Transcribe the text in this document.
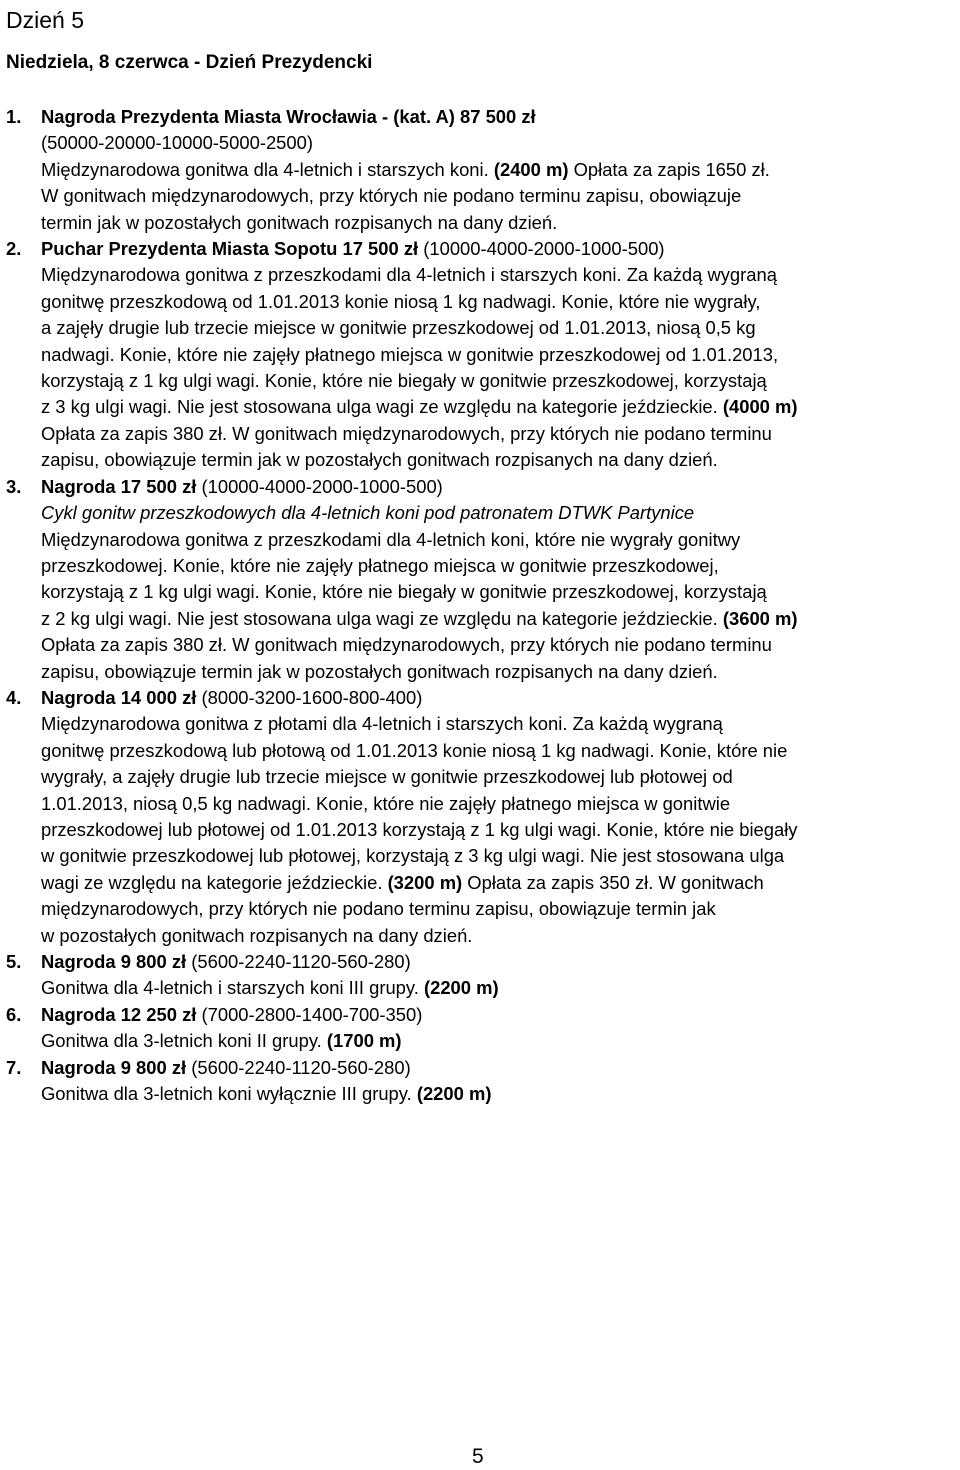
Dzień 5
Niedziela, 8 czerwca - Dzień Prezydencki
1. Nagroda Prezydenta Miasta Wrocławia - (kat. A) 87 500 zł
(50000-20000-10000-5000-2500)
Międzynarodowa gonitwa dla 4-letnich i starszych koni. (2400 m) Opłata za zapis 1650 zł.
W gonitwach międzynarodowych, przy których nie podano terminu zapisu, obowiązuje
termin jak w pozostałych gonitwach rozpisanych na dany dzień.
2. Puchar Prezydenta Miasta Sopotu 17 500 zł (10000-4000-2000-1000-500)
Międzynarodowa gonitwa z przeszkodami dla 4-letnich i starszych koni. Za każdą wygraną
gonitwę przeszkodową od 1.01.2013 konie niosą 1 kg nadwagi. Konie, które nie wygrały,
a zajęły drugie lub trzecie miejsce w gonitwie przeszkodowej od 1.01.2013, niosą 0,5 kg
nadwagi. Konie, które nie zajęły płatnego miejsca w gonitwie przeszkodowej od 1.01.2013,
korzystają z 1 kg ulgi wagi. Konie, które nie biegały w gonitwie przeszkodowej, korzystają
z 3 kg ulgi wagi. Nie jest stosowana ulga wagi ze względu na kategorie jeździeckie. (4000 m)
Opłata za zapis 380 zł. W gonitwach międzynarodowych, przy których nie podano terminu
zapisu, obowiązuje termin jak w pozostałych gonitwach rozpisanych na dany dzień.
3. Nagroda 17 500 zł (10000-4000-2000-1000-500)
Cykl gonitw przeszkodowych dla 4-letnich koni pod patronatem DTWK Partynice
Międzynarodowa gonitwa z przeszkodami dla 4-letnich koni, które nie wygrały gonitwy
przeszkodowej. Konie, które nie zajęły płatnego miejsca w gonitwie przeszkodowej,
korzystają z 1 kg ulgi wagi. Konie, które nie biegały w gonitwie przeszkodowej, korzystają
z 2 kg ulgi wagi. Nie jest stosowana ulga wagi ze względu na kategorie jeździeckie. (3600 m)
Opłata za zapis 380 zł. W gonitwach międzynarodowych, przy których nie podano terminu
zapisu, obowiązuje termin jak w pozostałych gonitwach rozpisanych na dany dzień.
4. Nagroda 14 000 zł (8000-3200-1600-800-400)
Międzynarodowa gonitwa z płotami dla 4-letnich i starszych koni. Za każdą wygraną
gonitwę przeszkodową lub płotową od 1.01.2013 konie niosą 1 kg nadwagi. Konie, które nie
wygrały, a zajęły drugie lub trzecie miejsce w gonitwie przeszkodowej lub płotowej od
1.01.2013, niosą 0,5 kg nadwagi. Konie, które nie zajęły płatnego miejsca w gonitwie
przeszkodowej lub płotowej od 1.01.2013 korzystają z 1 kg ulgi wagi. Konie, które nie biegały
w gonitwie przeszkodowej lub płotowej, korzystają z 3 kg ulgi wagi. Nie jest stosowana ulga
wagi ze względu na kategorie jeździeckie. (3200 m) Opłata za zapis 350 zł. W gonitwach
międzynarodowych, przy których nie podano terminu zapisu, obowiązuje termin jak
w pozostałych gonitwach rozpisanych na dany dzień.
5. Nagroda 9 800 zł (5600-2240-1120-560-280)
Gonitwa dla 4-letnich i starszych koni III grupy. (2200 m)
6. Nagroda 12 250 zł (7000-2800-1400-700-350)
Gonitwa dla 3-letnich koni II grupy. (1700 m)
7. Nagroda 9 800 zł (5600-2240-1120-560-280)
Gonitwa dla 3-letnich koni wyłącznie III grupy. (2200 m)
5
